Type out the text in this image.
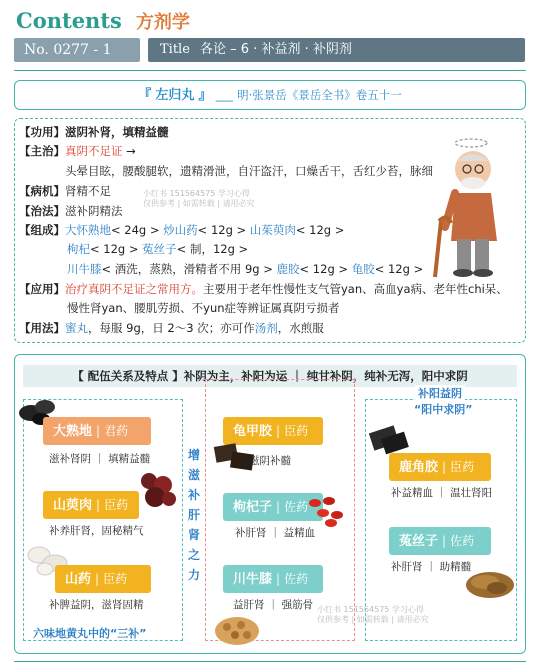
Contents 方剂学
No. 0277 - 1	Title 各论 – 6 · 补益剂 · 补阴剂
『 左归丸 』 ___ 明·张景岳《景岳全书》卷五十一
【功用】滋阴补肾，填精益髓
【主治】真阴不足证 →
头晕目眩，腰酸腿软，遗精滑泄，自汗盗汗，口燥舌干，舌红少苔，脉细
【病机】肾精不足
【治法】滋补阴精法
【组成】大怀熟地< 24g > 炒山药< 12g > 山茱萸肉< 12g >
枸杞< 12g > 菟丝子< 制，12g >
川牛膝< 酒洗，蒸熟，滑精者不用 9g > 鹿胶< 12g > 龟胶< 12g >
【应用】治疗真阴不足证之常用方。主要用于老年性慢性支气管yan、高血ya病、老年性chi呆、
慢性肾yan、腰肌劳损、不yun症等辨证属真阴亏损者
【用法】蜜丸，每服 9g，日 2～3 次；亦可作汤剂，水煎服
小红书 151564575 学习心得
仅供参考 | 如需转载 | 请用必究
【 配伍关系及特点 】补阴为主，补阳为运 ｜ 纯甘补阴，纯补无泻，阳中求阴
大熟地 | 君药
滋补肾阴 ｜ 填精益髓
山萸肉 | 臣药
补养肝肾，固秘精气
山药 | 臣药
补脾益阴，滋肾固精
六味地黄丸中的“三补”
增
滋
补
肝
肾
之
力
龟甲胶 | 臣药
滋阴补髓
枸杞子 | 佐药
补肝肾 ｜ 益精血
川牛膝 | 佐药
益肝肾 ｜ 强筋骨
补阳益阴
“阳中求阴”
鹿角胶 | 臣药
补益精血 ｜ 温壮肾阳
菟丝子 | 佐药
补肝肾 ｜ 助精髓
小红书 151564575 学习心得
仅供参考 | 如需转载 | 请用必究
